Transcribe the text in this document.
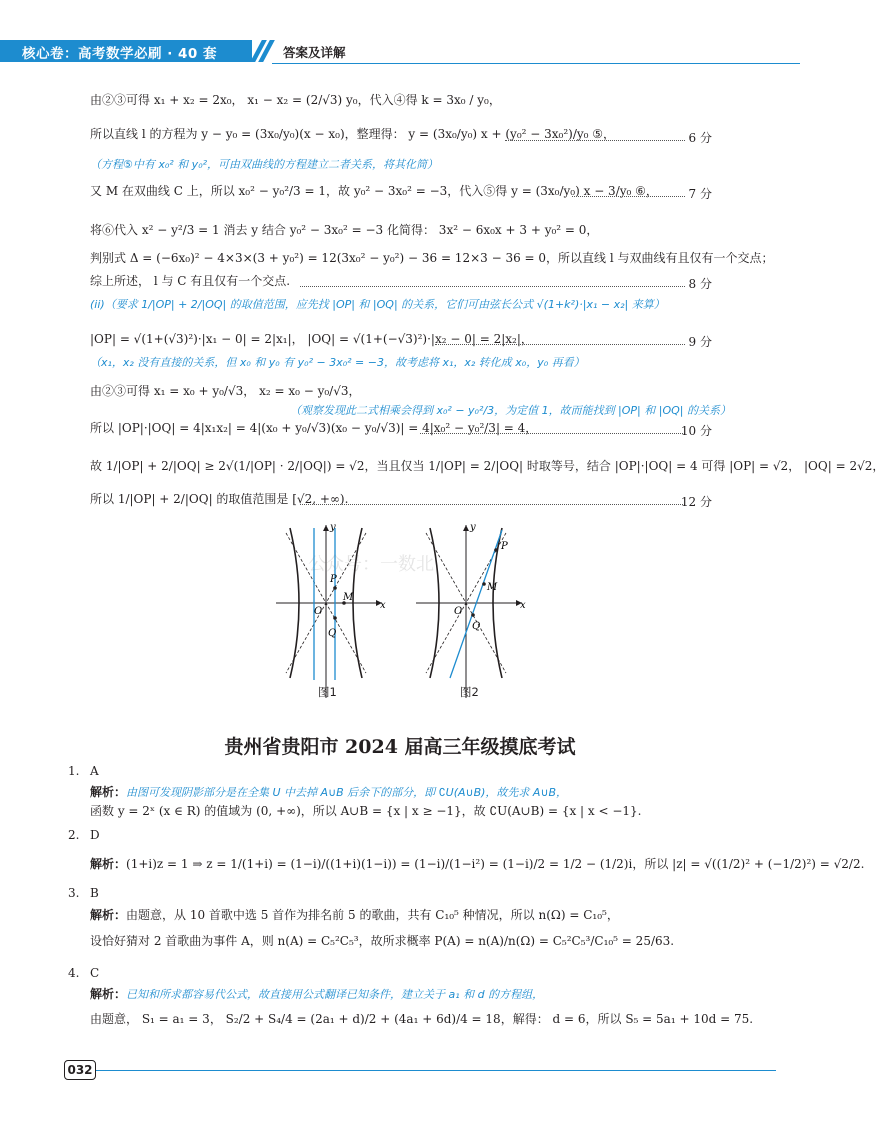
核心卷：高考数学必刷 · 40 套	答案及详解
由②③可得 x₁ + x₂ = 2x₀， x₁ − x₂ = (2/√3) y₀，代入④得 k = 3x₀ / y₀，
所以直线 l 的方程为 y − y₀ = (3x₀/y₀)(x − x₀)，整理得： y = (3x₀/y₀) x + (y₀² − 3x₀²)/y₀ ⑤，	6 分
（方程⑤中有 x₀² 和 y₀²，可由双曲线的方程建立二者关系，将其化简）
又 M 在双曲线 C 上，所以 x₀² − y₀²/3 = 1，故 y₀² − 3x₀² = −3，代入⑤得 y = (3x₀/y₀) x − 3/y₀ ⑥，	7 分
将⑥代入 x² − y²/3 = 1 消去 y 结合 y₀² − 3x₀² = −3 化简得： 3x² − 6x₀x + 3 + y₀² = 0，
判别式 Δ = (−6x₀)² − 4×3×(3 + y₀²) = 12(3x₀² − y₀²) − 36 = 12×3 − 36 = 0，所以直线 l 与双曲线有且仅有一个交点；
综上所述， l 与 C 有且仅有一个交点.	8 分
(ii)（要求 1/|OP| + 2/|OQ| 的取值范围，应先找 |OP| 和 |OQ| 的关系，它们可由弦长公式 √(1+k²)·|x₁ − x₂| 来算）
|OP| = √(1+(√3)²)·|x₁ − 0| = 2|x₁|， |OQ| = √(1+(−√3)²)·|x₂ − 0| = 2|x₂|，	9 分
（x₁，x₂ 没有直接的关系，但 x₀ 和 y₀ 有 y₀² − 3x₀² = −3，故考虑将 x₁，x₂ 转化成 x₀，y₀ 再看）
由②③可得 x₁ = x₀ + y₀/√3， x₂ = x₀ − y₀/√3，
（观察发现此二式相乘会得到 x₀² − y₀²/3，为定值 1，故而能找到 |OP| 和 |OQ| 的关系）
所以 |OP|·|OQ| = 4|x₁x₂| = 4|(x₀ + y₀/√3)(x₀ − y₀/√3)| = 4|x₀² − y₀²/3| = 4，	10 分
故 1/|OP| + 2/|OQ| ≥ 2√(1/|OP| · 2/|OQ|) = √2，当且仅当 1/|OP| = 2/|OQ| 时取等号，结合 |OP|·|OQ| = 4 可得 |OP| = √2， |OQ| = 2√2，
所以 1/|OP| + 2/|OQ| 的取值范围是 [√2, +∞).	12 分
公众号：一数北
x
y
P
M
Q
O
图1
x
y
P
M
Q
O
图2
贵州省贵阳市 2024 届高三年级摸底考试
1. A
解析：由图可发现阴影部分是在全集 U 中去掉 A∪B 后余下的部分，即 ∁U(A∪B)，故先求 A∪B，
函数 y = 2ˣ (x ∈ R) 的值域为 (0, +∞)，所以 A∪B = {x | x ≥ −1}，故 ∁U(A∪B) = {x | x < −1}.
2. D
解析：(1+i)z = 1 ⇒ z = 1/(1+i) = (1−i)/((1+i)(1−i)) = (1−i)/(1−i²) = (1−i)/2 = 1/2 − (1/2)i，所以 |z| = √((1/2)² + (−1/2)²) = √2/2.
3. B
解析：由题意，从 10 首歌中选 5 首作为排名前 5 的歌曲，共有 C₁₀⁵ 种情况，所以 n(Ω) = C₁₀⁵，
设恰好猜对 2 首歌曲为事件 A，则 n(A) = C₅²C₅³，故所求概率 P(A) = n(A)/n(Ω) = C₅²C₅³/C₁₀⁵ = 25/63.
4. C
解析：已知和所求都容易代公式，故直接用公式翻译已知条件，建立关于 a₁ 和 d 的方程组，
由题意， S₁ = a₁ = 3， S₂/2 + S₄/4 = (2a₁ + d)/2 + (4a₁ + 6d)/4 = 18，解得： d = 6，所以 S₅ = 5a₁ + 10d = 75.
032
